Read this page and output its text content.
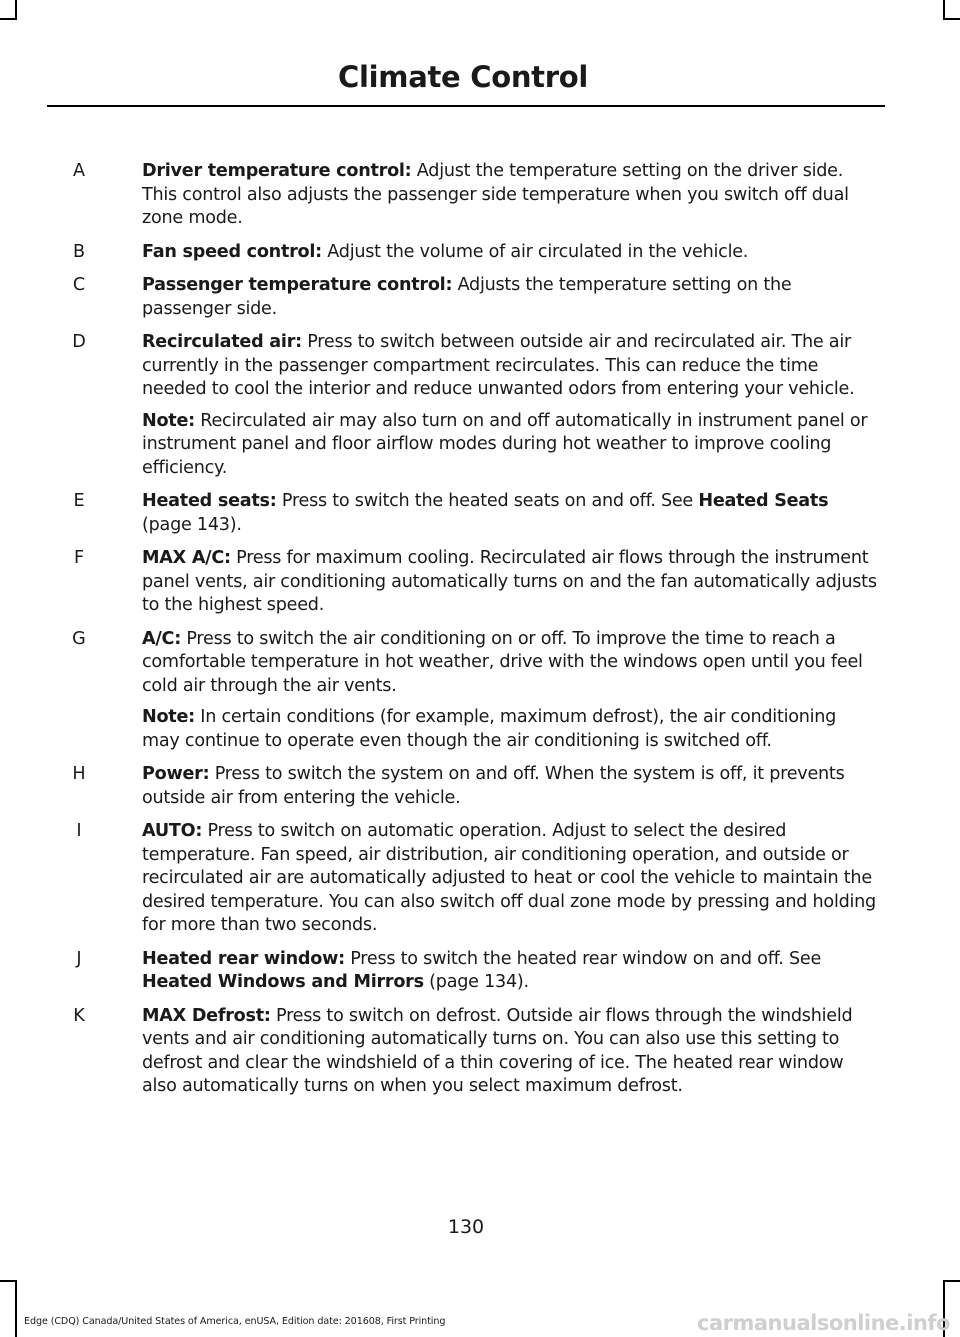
Climate Control
A	Driver temperature control: Adjust the temperature setting on the driver side. This control also adjusts the passenger side temperature when you switch off dual zone mode.

B	Fan speed control: Adjust the volume of air circulated in the vehicle.

C	Passenger temperature control: Adjusts the temperature setting on the passenger side.

D	Recirculated air: Press to switch between outside air and recirculated air. The air currently in the passenger compartment recirculates. This can reduce the time needed to cool the interior and reduce unwanted odors from entering your vehicle.

Note: Recirculated air may also turn on and off automatically in instrument panel or instrument panel and floor airflow modes during hot weather to improve cooling efficiency.

E	Heated seats: Press to switch the heated seats on and off. See Heated Seats (page 143).

F	MAX A/C: Press for maximum cooling. Recirculated air flows through the instrument panel vents, air conditioning automatically turns on and the fan automatically adjusts to the highest speed.

G	A/C: Press to switch the air conditioning on or off. To improve the time to reach a comfortable temperature in hot weather, drive with the windows open until you feel cold air through the air vents.

Note: In certain conditions (for example, maximum defrost), the air conditioning may continue to operate even though the air conditioning is switched off.

H	Power: Press to switch the system on and off. When the system is off, it prevents outside air from entering the vehicle.

I	AUTO: Press to switch on automatic operation. Adjust to select the desired temperature. Fan speed, air distribution, air conditioning operation, and outside or recirculated air are automatically adjusted to heat or cool the vehicle to maintain the desired temperature. You can also switch off dual zone mode by pressing and holding for more than two seconds.

J	Heated rear window: Press to switch the heated rear window on and off. See Heated Windows and Mirrors (page 134).

K	MAX Defrost: Press to switch on defrost. Outside air flows through the windshield vents and air conditioning automatically turns on. You can also use this setting to defrost and clear the windshield of a thin covering of ice. The heated rear window also automatically turns on when you select maximum defrost.

130
Edge (CDQ) Canada/United States of America, enUSA, Edition date: 201608, First Printing	carmanualsonline.info
